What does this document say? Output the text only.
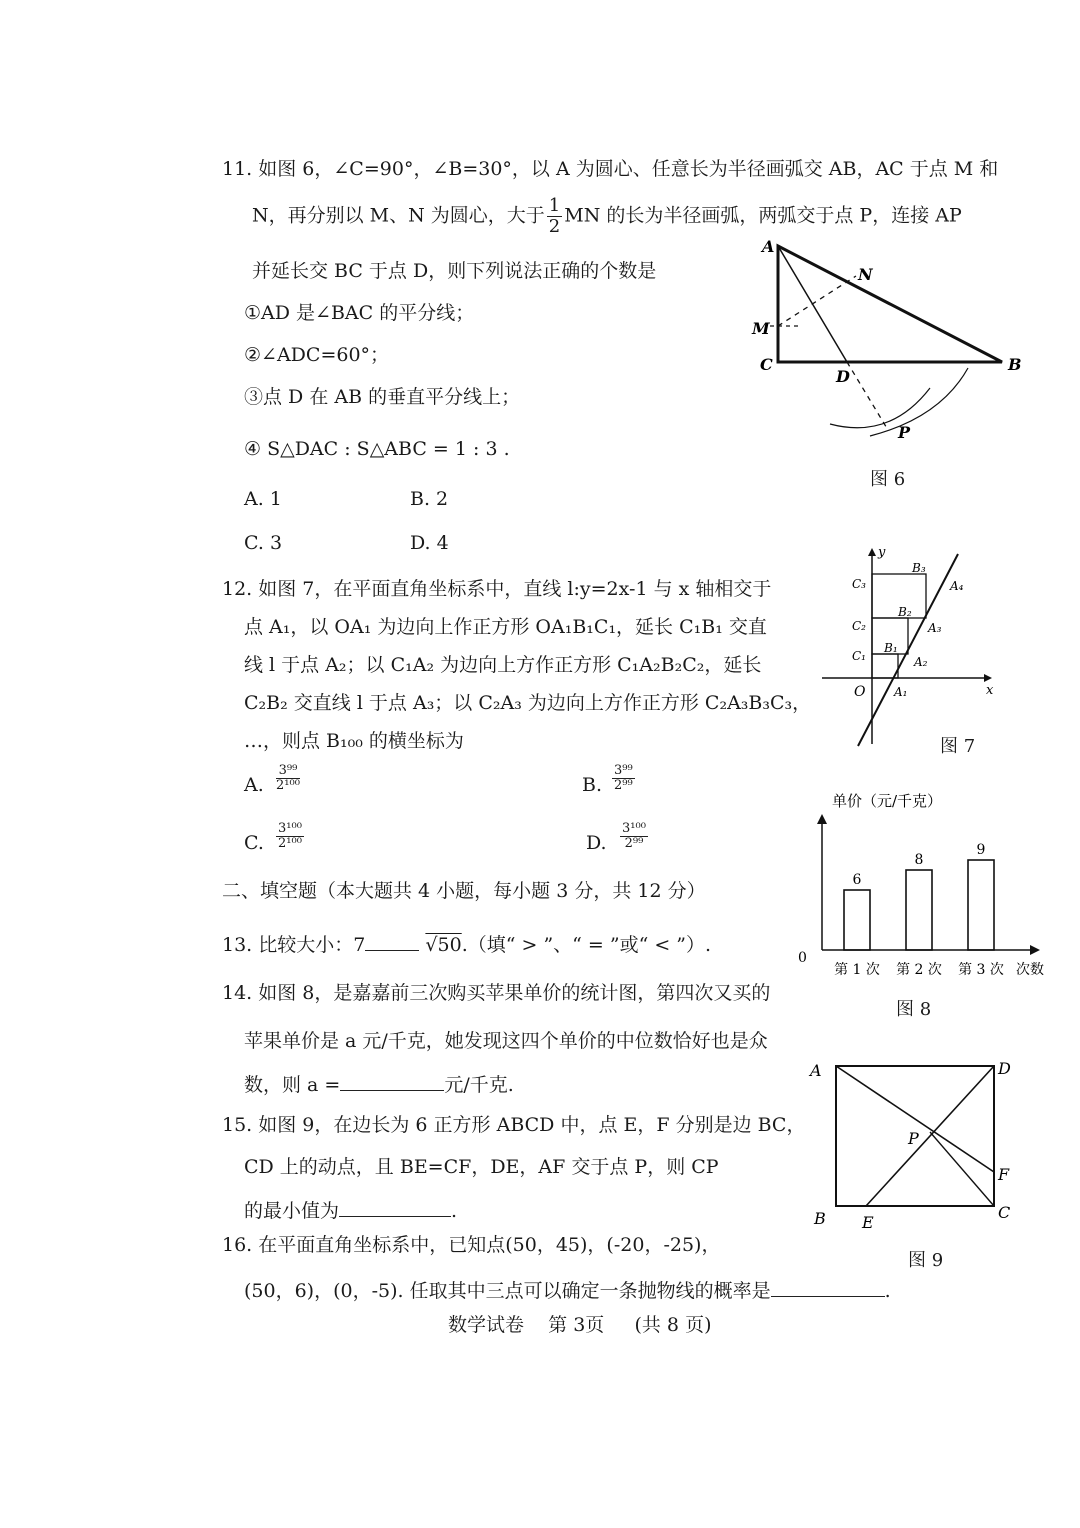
11. 如图 6，∠C=90°，∠B=30°，以 A 为圆心、任意长为半径画弧交 AB，AC 于点 M 和
N，再分别以 M、N 为圆心，大于 $\frac{1}{2}$ MN 的长为半径画弧，两弧交于点 P，连接 AP
并延长交 BC 于点 D，则下列说法正确的个数是
①AD 是∠BAC 的平分线；
②∠ADC=60°；
③点 D 在 AB 的垂直平分线上；
④ S△DAC : S△ABC = 1 : 3 .
A. 1	B. 2
C. 3	D. 4
A
N
M
C
D
B
P
图 6
12. 如图 7，在平面直角坐标系中，直线 l:y=2x-1 与 x 轴相交于
点 A₁，以 OA₁ 为边向上作正方形 OA₁B₁C₁，延长 C₁B₁ 交直
线 l 于点 A₂；以 C₁A₂ 为边向上方作正方形 C₁A₂B₂C₂，延长
C₂B₂ 交直线 l 于点 A₃；以 C₂A₃ 为边向上方作正方形 C₂A₃B₃C₃，
…，则点 B₁₀₀ 的横坐标为
A. $\frac{\text{3⁹⁹}}{\text{2¹⁰⁰}}$	B. $\frac{\text{3⁹⁹}}{\text{2⁹⁹}}$
C. $\frac{\text{3¹⁰⁰}}{\text{2¹⁰⁰}}$	D. $\frac{\text{3¹⁰⁰}}{\text{2⁹⁹}}$
y
x
O A₁
A₂
A₃
A₄
B₁
B₂
B₃
C₁
C₂
C₃
图 7
二、填空题（本大题共 4 小题，每小题 3 分，共 12 分）
13. 比较大小：7	√50.（填“ > ”、“ = ”或“ < ”）.
14. 如图 8，是嘉嘉前三次购买苹果单价的统计图，第四次又买的
苹果单价是 a 元/千克，她发现这四个单价的中位数恰好也是众
数，则 a =	元/千克.
单价（元/千克）
0
次数
6
第 1 次
8
第 2 次
9
第 3 次
图 8
15. 如图 9，在边长为 6 正方形 ABCD 中，点 E，F 分别是边 BC，
CD 上的动点，且 BE=CF，DE，AF 交于点 P，则 CP
的最小值为	.
A	D
P
F
B E
C
图 9
16. 在平面直角坐标系中，已知点(50，45)，(-20，-25)，
(50，6)，(0，-5). 任取其中三点可以确定一条抛物线的概率是	.
数学试卷    第 3页     (共 8 页)
